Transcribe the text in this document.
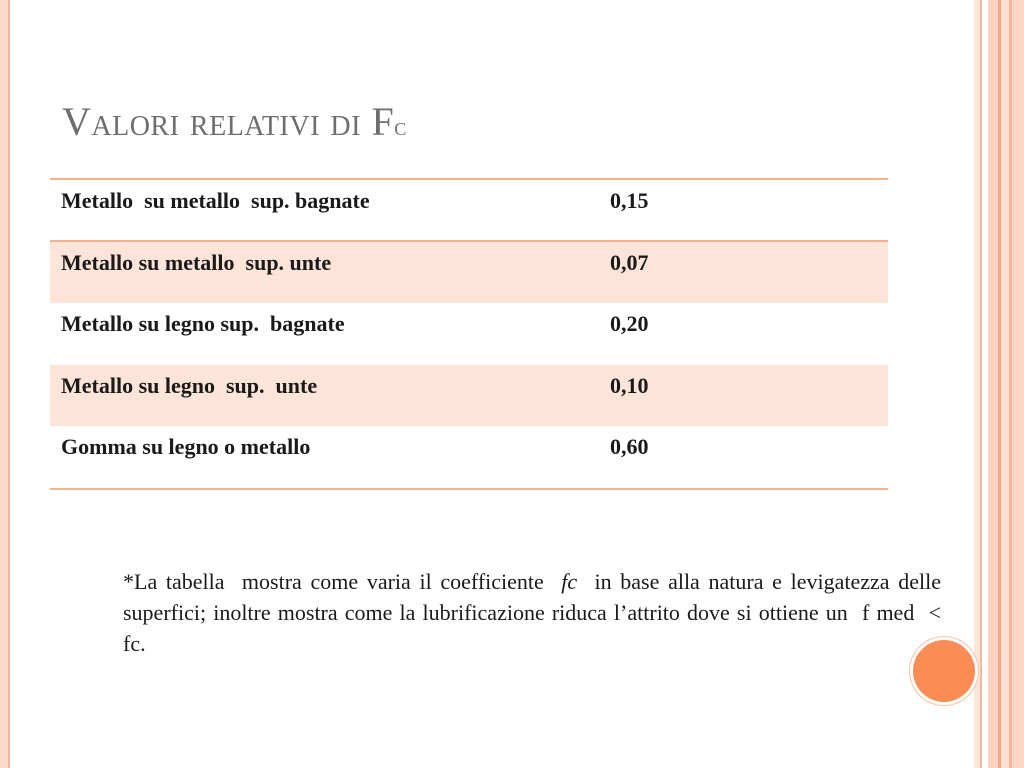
Valori relativi di Fc
Metallo  su metallo  sup. bagnate	0,15
Metallo su metallo  sup. unte	0,07
Metallo su legno sup.  bagnate	0,20
Metallo su legno  sup.  unte	0,10
Gomma su legno o metallo	0,60

*La tabella  mostra come varia il coefficiente  fc  in base alla natura e levigatezza delle superfici; inoltre mostra come la lubrificazione riduca l’attrito dove si ottiene un  f med  <  fc.
